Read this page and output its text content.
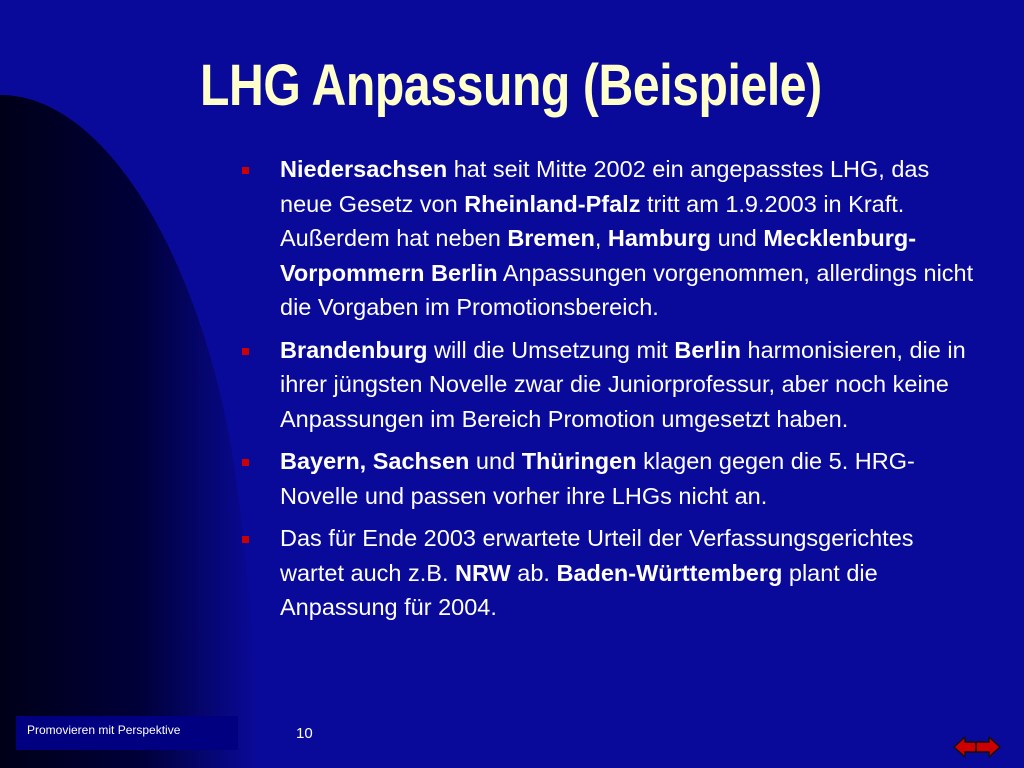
LHG Anpassung (Beispiele)
Niedersachsen hat seit Mitte 2002 ein angepasstes LHG, das neue Gesetz von Rheinland-Pfalz tritt am 1.9.2003 in Kraft. Außerdem hat neben Bremen, Hamburg und Mecklenburg-Vorpommern Berlin Anpassungen vorgenommen, allerdings nicht die Vorgaben im Promotionsbereich.
Brandenburg will die Umsetzung mit Berlin harmonisieren, die in ihrer jüngsten Novelle zwar die Juniorprofessur, aber noch keine Anpassungen im Bereich Promotion umgesetzt haben.
Bayern, Sachsen und Thüringen klagen gegen die 5. HRG-Novelle und passen vorher ihre LHGs nicht an.
Das für Ende 2003 erwartete Urteil der Verfassungsgerichtes wartet auch z.B. NRW ab. Baden-Württemberg plant die Anpassung für 2004.
Promovieren mit Perspektive	10
